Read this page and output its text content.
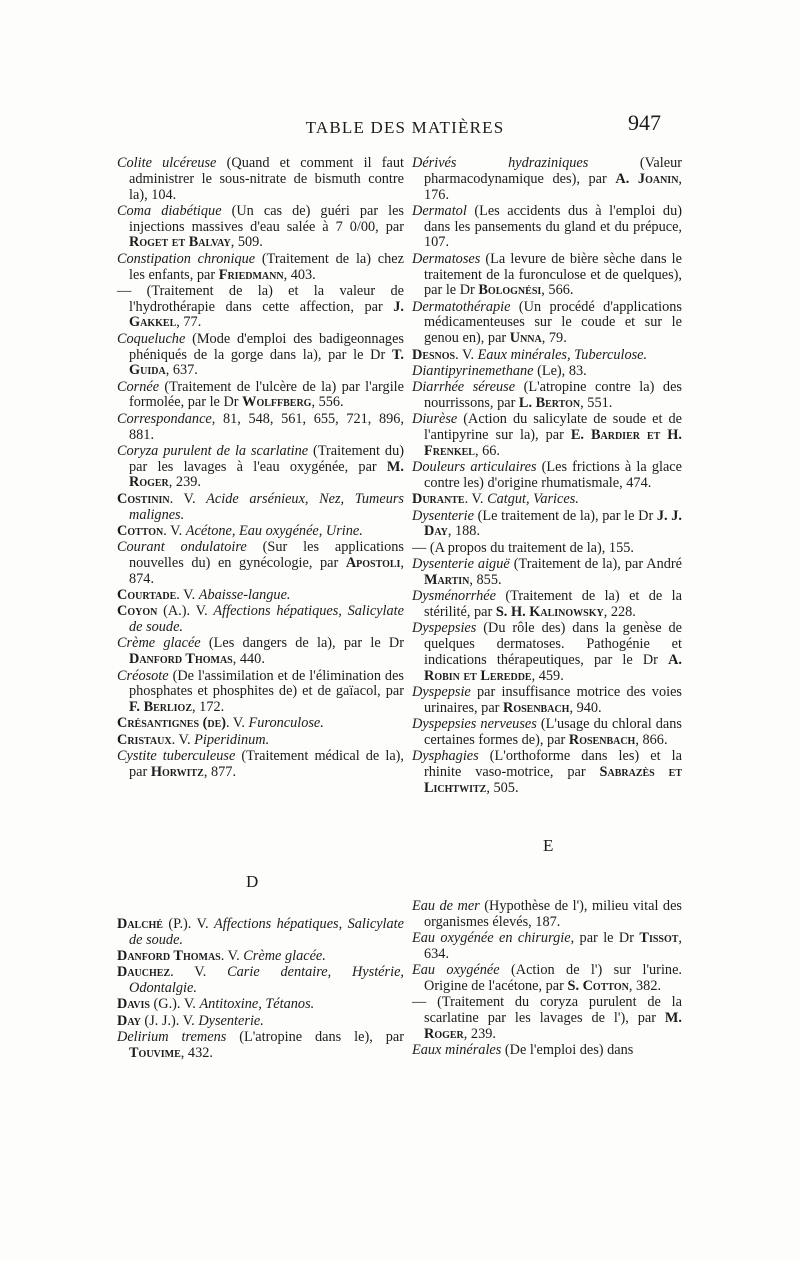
TABLE DES MATIÈRES	947
Colite ulcéreuse (Quand et comment il faut administrer le sous-nitrate de bismuth contre la), 104.
Coma diabétique (Un cas de) guéri par les injections massives d'eau salée à 7 0/00, par Roget et Balvay, 509.
Constipation chronique (Traitement de la) chez les enfants, par Friedmann, 403.
— (Traitement de la) et la valeur de l'hydrothérapie dans cette affection, par J. Gakkel, 77.
Coqueluche (Mode d'emploi des badigeonnages phéniqués de la gorge dans la), par le Dr T. Guida, 637.
Cornée (Traitement de l'ulcère de la) par l'argile formolée, par le Dr Wolffberg, 556.
Correspondance, 81, 548, 561, 655, 721, 896, 881.
Coryza purulent de la scarlatine (Traitement du) par les lavages à l'eau oxygénée, par M. Roger, 239.
Costinin. V. Acide arsénieux, Nez, Tumeurs malignes.
Cotton. V. Acétone, Eau oxygénée, Urine.
Courant ondulatoire (Sur les applications nouvelles du) en gynécologie, par Apostoli, 874.
Courtade. V. Abaisse-langue.
Coyon (A.). V. Affections hépatiques, Salicylate de soude.
Crème glacée (Les dangers de la), par le Dr Danford Thomas, 440.
Créosote (De l'assimilation et de l'élimination des phosphates et phosphites de) et de gaïacol, par F. Berlioz, 172.
Crésantignes (de). V. Furonculose.
Cristaux. V. Piperidinum.
Cystite tuberculeuse (Traitement médical de la), par Horwitz, 877.
Dérivés hydraziniques (Valeur pharmacodynamique des), par A. Joanin, 176.
Dermatol (Les accidents dus à l'emploi du) dans les pansements du gland et du prépuce, 107.
Dermatoses (La levure de bière sèche dans le traitement de la furonculose et de quelques), par le Dr Bolognési, 566.
Dermatothérapie (Un procédé d'applications médicamenteuses sur le coude et sur le genou en), par Unna, 79.
Desnos. V. Eaux minérales, Tuberculose.
Diantipyrinemethane (Le), 83.
Diarrhée séreuse (L'atropine contre la) des nourrissons, par L. Berton, 551.
Diurèse (Action du salicylate de soude et de l'antipyrine sur la), par E. Bardier et H. Frenkel, 66.
Douleurs articulaires (Les frictions à la glace contre les) d'origine rhumatismale, 474.
Durante. V. Catgut, Varices.
Dysenterie (Le traitement de la), par le Dr J. J. Day, 188.
— (A propos du traitement de la), 155.
Dysenterie aiguë (Traitement de la), par André Martin, 855.
Dysménorrhée (Traitement de la) et de la stérilité, par S. H. Kalinowsky, 228.
Dyspepsies (Du rôle des) dans la genèse de quelques dermatoses. Pathogénie et indications thérapeutiques, par le Dr A. Robin et Leredde, 459.
Dyspepsie par insuffisance motrice des voies urinaires, par Rosenbach, 940.
Dyspepsies nerveuses (L'usage du chloral dans certaines formes de), par Rosenbach, 866.
Dysphagies (L'orthoforme dans les) et la rhinite vaso-motrice, par Sabrazès et Lichtwitz, 505.
D
E
Dalché (P.). V. Affections hépatiques, Salicylate de soude.
Danford Thomas. V. Crème glacée.
Dauchez. V. Carie dentaire, Hystérie, Odontalgie.
Davis (G.). V. Antitoxine, Tétanos.
Day (J. J.). V. Dysenterie.
Delirium tremens (L'atropine dans le), par Touvime, 432.
Eau de mer (Hypothèse de l'), milieu vital des organismes élevés, 187.
Eau oxygénée en chirurgie, par le Dr Tissot, 634.
Eau oxygénée (Action de l') sur l'urine. Origine de l'acétone, par S. Cotton, 382.
— (Traitement du coryza purulent de la scarlatine par les lavages de l'), par M. Roger, 239.
Eaux minérales (De l'emploi des) dans
